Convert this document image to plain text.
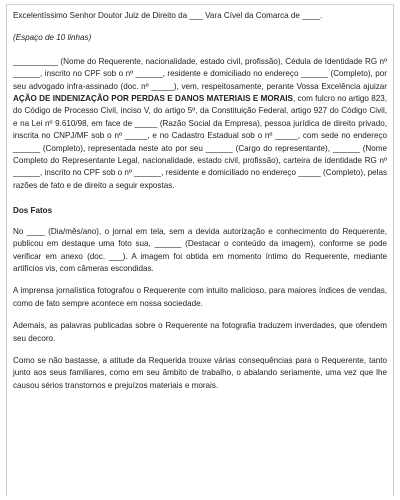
Excelentíssimo Senhor Doutor Juiz de Direito da ___ Vara Cível da Comarca de ____.

(Espaço de 10 linhas)

__________ (Nome do Requerente, nacionalidade, estado civil, profissão), Cédula de Identidade RG nº ______, inscrito no CPF sob o nº ______, residente e domiciliado no endereço ______ (Completo), por seu advogado infra-assinado (doc. nº _____), vem, respeitosamente, perante Vossa Excelência ajuizar AÇÃO DE INDENIZAÇÃO POR PERDAS E DANOS MATERIAIS E MORAIS, com fulcro no artigo 823, do Código de Processo Civil, inciso V, do artigo 5º, da Constituição Federal, artigo 927 do Código Civil, e na Lei nº 9.610/98, em face de _____ (Razão Social da Empresa), pessoa jurídica de direito privado, inscrita no CNPJ/MF sob o nº _____, e no Cadastro Estadual sob o nº _____, com sede no endereço ______ (Completo), representada neste ato por seu ______ (Cargo do representante), ______ (Nome Completo do Representante Legal, nacionalidade, estado civil, profissão), carteira de identidade RG nº ______, inscrito no CPF sob o nº ______, residente e domiciliado no endereço _____ (Completo), pelas razões de fato e de direito a seguir expostas.

Dos Fatos

No ____ (Dia/mês/ano), o jornal em tela, sem a devida autorização e conhecimento do Requerente, publicou em destaque uma foto sua, ______ (Destacar o conteúdo da imagem), conforme se pode verificar em anexo (doc. ___). A imagem foi obtida em momento íntimo do Requerente, mediante artifícios vis, com câmeras escondidas.

A imprensa jornalística fotografou o Requerente com intuito malicioso, para maiores índices de vendas, como de fato sempre acontece em nossa sociedade.

Ademais, as palavras publicadas sobre o Requerente na fotografia traduzem inverdades, que ofendem seu decoro.

Como se não bastasse, a atitude da Requerida trouxe várias consequências para o Requerente, tanto junto aos seus familiares, como em seu âmbito de trabalho, o abalando seriamente, uma vez que lhe causou sérios transtornos e prejuízos materiais e morais.
